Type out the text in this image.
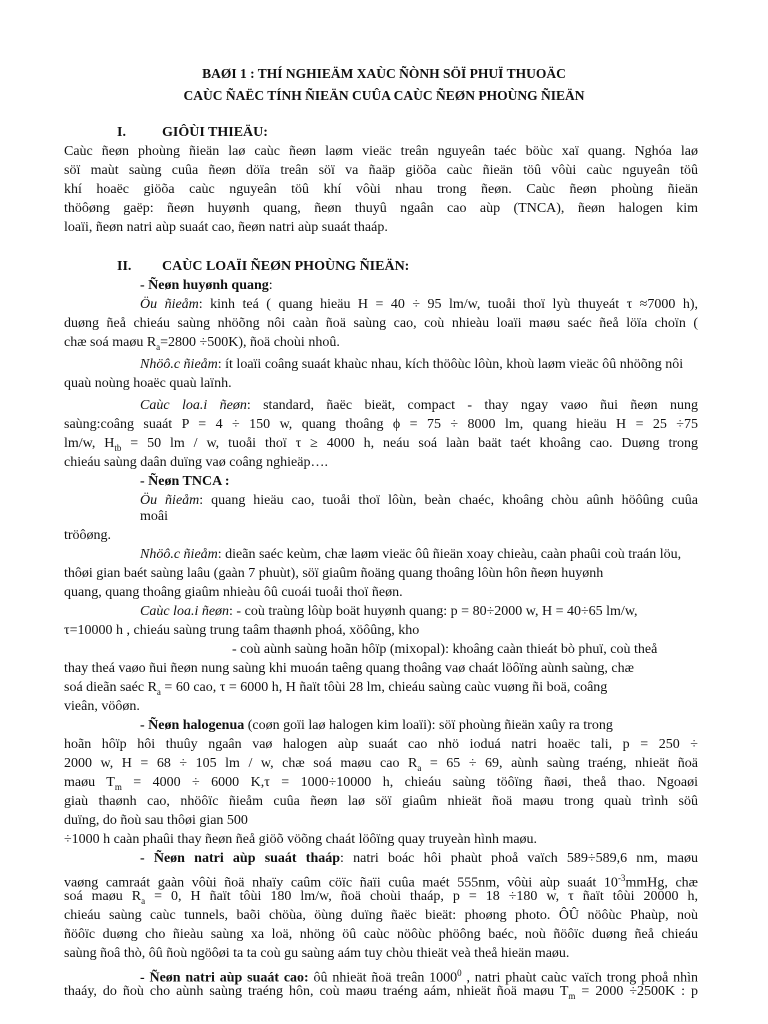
BAØI 1 : THÍ NGHIEÄM XAÙC ÑÒNH SÖÏ PHUÏ THUOÄC
CAÙC ÑAËC TÍNH ÑIEÄN CUÛA CAÙC ÑEØN PHOÙNG ÑIEÄN
I.	GIÔÙI THIEÄU:
Caùc ñeøn phoùng ñieän laø caùc ñeøn laøm vieäc treân nguyeân taéc böùc xaï quang. Nghóa laø
söï maùt saùng cuûa ñeøn döïa treân söï va ñaäp giöõa caùc ñieän töû vôùi caùc nguyeân töû
khí hoaëc giöõa caùc nguyeân töû khí vôùi nhau trong ñeøn. Caùc ñeøn phoùng ñieän
thöôøng gaëp: ñeøn huyønh quang, ñeøn thuyû ngaân cao aùp (TNCA), ñeøn halogen kim
loaïi, ñeøn natri aùp suaát cao, ñeøn natri aùp suaát thaáp.
II. CAÙC LOAÏI ÑEØN PHOÙNG ÑIEÄN:
- Ñeøn huyønh quang:
Öu ñieåm: kinh teá ( quang hieäu H = 40 ÷ 95 lm/w, tuoåi thoï lyù thuyeát τ ≈7000 h),
duøng ñeå chieáu saùng nhöõng nôi caàn ñoä saùng cao, coù nhieàu loaïi maøu saéc ñeå löïa choïn (
chæ soá maøu $R_a=2800 \div 500K$), ñoä choùi nhoû.
Nhöô.c ñieåm: ít loaïi coâng suaát khaùc nhau, kích thöôùc lôùn, khoù laøm vieäc ôû nhöõng nôi
quaù noùng hoaëc quaù laïnh.
Caùc loa.i ñeøn: standard, ñaëc bieät, compact - thay ngay vaøo ñui ñeøn nung
saùng:coâng suaát P = 4 ÷ 150 w, quang thoâng ϕ = 75 ÷ 8000 lm, quang hieäu H = 25 ÷75
lm/w, $H_{tb} = 50$ lm / w, tuoåi thoï τ ≥ 4000 h, neáu soá laàn baät taét khoâng cao. Duøng trong
chieáu saùng daân duïng vaø coâng nghieäp….
- Ñeøn TNCA :
Öu ñieåm: quang hieäu cao, tuoåi thoï lôùn, beàn chaéc, khoâng chòu aûnh höôûng cuûa
moâi
tröôøng.
Nhöô.c ñieåm: dieãn saéc keùm, chæ laøm vieäc ôû ñieän xoay chieàu, caàn phaûi coù traán löu,
thôøi gian baét saùng laâu (gaàn 7 phuùt), söï giaûm ñoäng quang thoâng lôùn hôn ñeøn huyønh
quang, quang thoâng giaûm nhieàu ôû cuoái tuoåi thoï ñeøn.
Caùc loa.i ñeøn: - coù traùng lôùp boät huyønh quang: p = 80÷2000 w, H = 40÷65 lm/w,
τ=10000 h , chieáu saùng trung taâm thaønh phoá, xöôûng, kho
- coù aùnh saùng hoãn hôïp (mixopal): khoâng caàn thieát bò phuï, coù theå
thay theá vaøo ñui ñeøn nung saùng khi muoán taêng quang thoâng vaø chaát löôïng aùnh saùng, chæ
soá dieãn saéc $R_a = 60$ cao, τ = 6000 h, H ñaït tôùi 28 lm, chieáu saùng caùc vuøng ñi boä, coâng
vieân, vöôøn.
- Ñeøn halogenua (coøn goïi laø halogen kim loaïi): söï phoùng ñieän xaûy ra trong
hoãn hôïp hôi thuûy ngaân vaø halogen aùp suaát cao nhö ioduá natri hoaëc tali, p = 250 ÷
2000 w, H = 68 ÷ 105 lm / w, chæ soá maøu cao $R_a = 65 \div 69$, aùnh saùng traéng, nhieät ñoä
maøu $T_m = 4000 \div 6000$ K,τ = 1000÷10000 h, chieáu saùng töôïng ñaøi, theå thao. Ngoaøi
giaù thaønh cao, nhöôïc ñieåm cuûa ñeøn laø söï giaûm nhieät ñoä maøu trong quaù trình söû
duïng, do ñoù sau thôøi gian 500
÷1000 h caàn phaûi thay ñeøn ñeå giöõ vöõng chaát löôïng quay truyeàn hình maøu.
- Ñeøn natri aùp suaát thaáp: natri boác hôi phaùt phoå vaïch 589÷589,6 nm, maøu
vaøng camraát gaàn vôùi ñoä nhaïy caûm cöïc ñaïi cuûa maét 555nm, vôùi aùp suaát $10^{-3}mmHg$, chæ
soá maøu $R_a = 0$, H ñaït tôùi 180 lm/w, ñoä choùi thaáp, p = 18 ÷180 w, τ ñaït tôùi 20000 h,
chieáu saùng caùc tunnels, baõi chöùa, öùng duïng ñaëc bieät: phoøng photo. ÔÛ nöôùc Phaùp, noù
ñöôïc duøng cho ñieàu saùng xa loä, nhöng öû caùc nöôùc phöông baéc, noù ñöôïc duøng ñeå chieáu
saùng ñoâ thò, ôû ñoù ngöôøi ta ta coù gu saùng aám tuy chòu thieät veà theå hieän maøu.
- Ñeøn natri aùp suaát cao: ôû nhieät ñoä treân 1000$^0$ , natri phaùt caùc vaïch trong phoå nhìn
thaáy, do ñoù cho aùnh saùng traéng hôn, coù maøu traéng aám, nhieät ñoä maøu $T_m = 2000 \div 2500K$ : p
